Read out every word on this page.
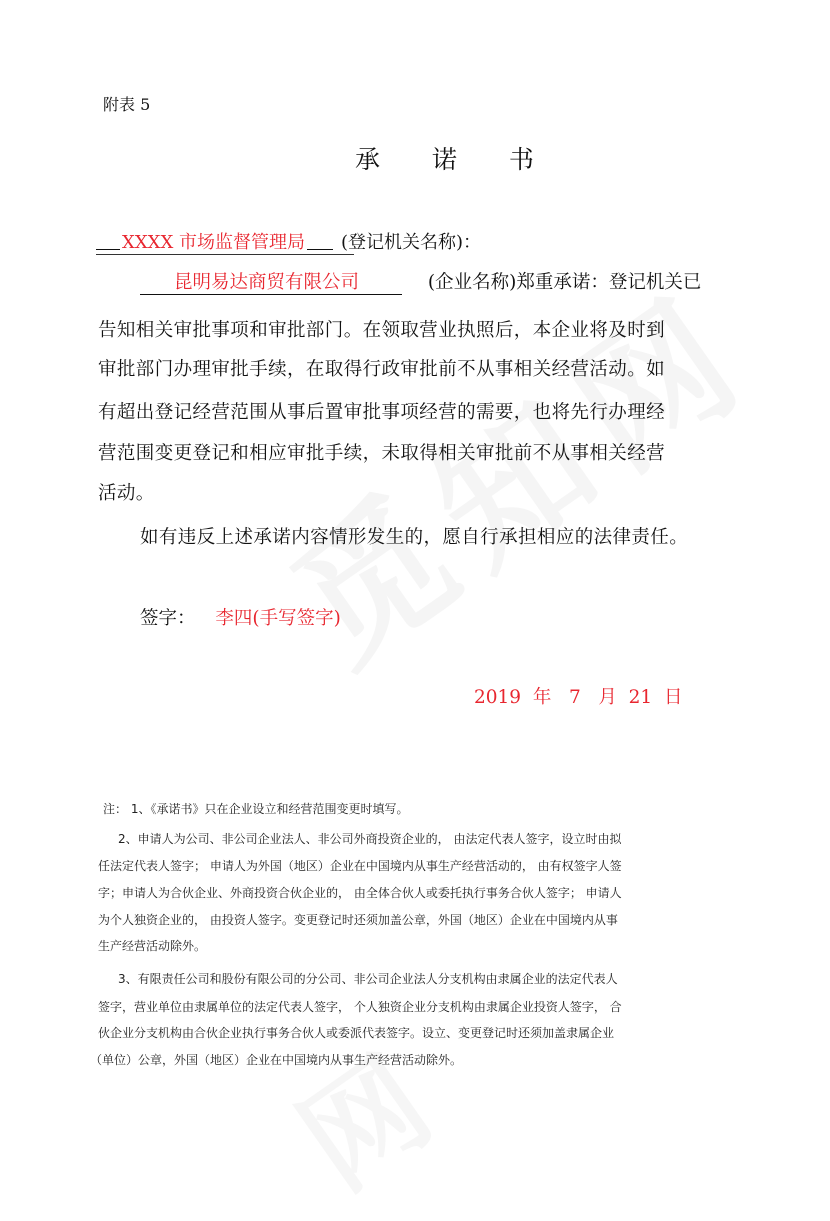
附表 5
承 诺 书
XXXX 市场监督管理局 (登记机关名称)：
昆明易达商贸有限公司	(企业名称)郑重承诺：登记机关已
告知相关审批事项和审批部门。在领取营业执照后，本企业将及时到
审批部门办理审批手续，在取得行政审批前不从事相关经营活动。如
有超出登记经营范围从事后置审批事项经营的需要，也将先行办理经
营范围变更登记和相应审批手续，未取得相关审批前不从事相关经营
活动。
如有违反上述承诺内容情形发生的，愿自行承担相应的法律责任。
签字： 李四(手写签字)
2019  年   7   月  21  日
注： 1、《承诺书》只在企业设立和经营范围变更时填写。
2、申请人为公司、非公司企业法人、非公司外商投资企业的， 由法定代表人签字，设立时由拟
任法定代表人签字； 申请人为外国（地区）企业在中国境内从事生产经营活动的， 由有权签字人签
字；申请人为合伙企业、外商投资合伙企业的， 由全体合伙人或委托执行事务合伙人签字； 申请人
为个人独资企业的， 由投资人签字。变更登记时还须加盖公章，外国（地区）企业在中国境内从事
生产经营活动除外。
3、有限责任公司和股份有限公司的分公司、非公司企业法人分支机构由隶属企业的法定代表人
签字，营业单位由隶属单位的法定代表人签字， 个人独资企业分支机构由隶属企业投资人签字， 合
伙企业分支机构由合伙企业执行事务合伙人或委派代表签字。设立、变更登记时还须加盖隶属企业
（单位）公章，外国（地区）企业在中国境内从事生产经营活动除外。
